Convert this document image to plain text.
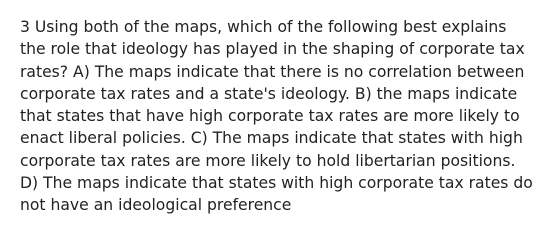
3 Using both of the maps, which of the following best explains
the role that ideology has played in the shaping of corporate tax
rates? A) The maps indicate that there is no correlation between
corporate tax rates and a state's ideology. B) the maps indicate
that states that have high corporate tax rates are more likely to
enact liberal policies. C) The maps indicate that states with high
corporate tax rates are more likely to hold libertarian positions.
D) The maps indicate that states with high corporate tax rates do
not have an ideological preference
